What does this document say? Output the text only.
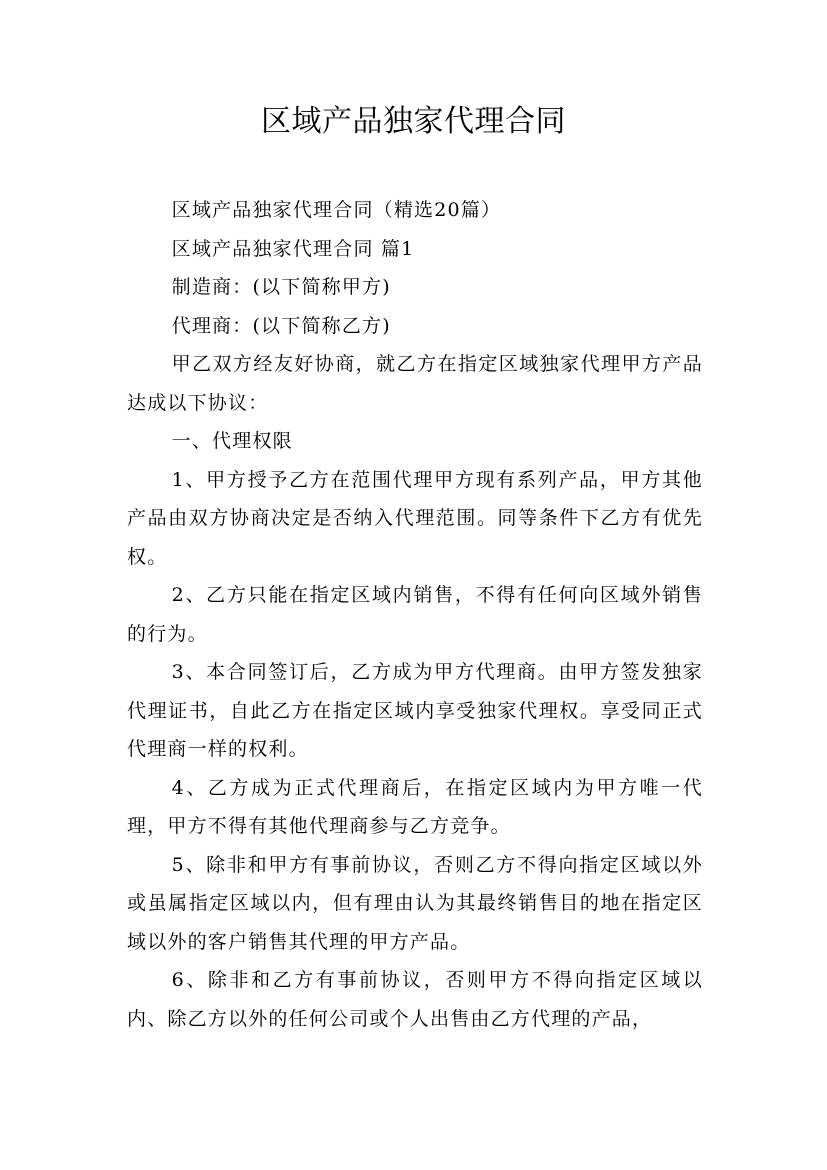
区域产品独家代理合同

区域产品独家代理合同（精选20篇）

区域产品独家代理合同 篇1

制造商：(以下简称甲方)

代理商：(以下简称乙方)

甲乙双方经友好协商，就乙方在指定区域独家代理甲方产品达成以下协议：

一、代理权限

1、甲方授予乙方在范围代理甲方现有系列产品，甲方其他产品由双方协商决定是否纳入代理范围。同等条件下乙方有优先权。

2、乙方只能在指定区域内销售，不得有任何向区域外销售的行为。

3、本合同签订后，乙方成为甲方代理商。由甲方签发独家代理证书，自此乙方在指定区域内享受独家代理权。享受同正式代理商一样的权利。

4、乙方成为正式代理商后，在指定区域内为甲方唯一代理，甲方不得有其他代理商参与乙方竞争。

5、除非和甲方有事前协议，否则乙方不得向指定区域以外或虽属指定区域以内，但有理由认为其最终销售目的地在指定区域以外的客户销售其代理的甲方产品。

6、除非和乙方有事前协议，否则甲方不得向指定区域以内、除乙方以外的任何公司或个人出售由乙方代理的产品，
